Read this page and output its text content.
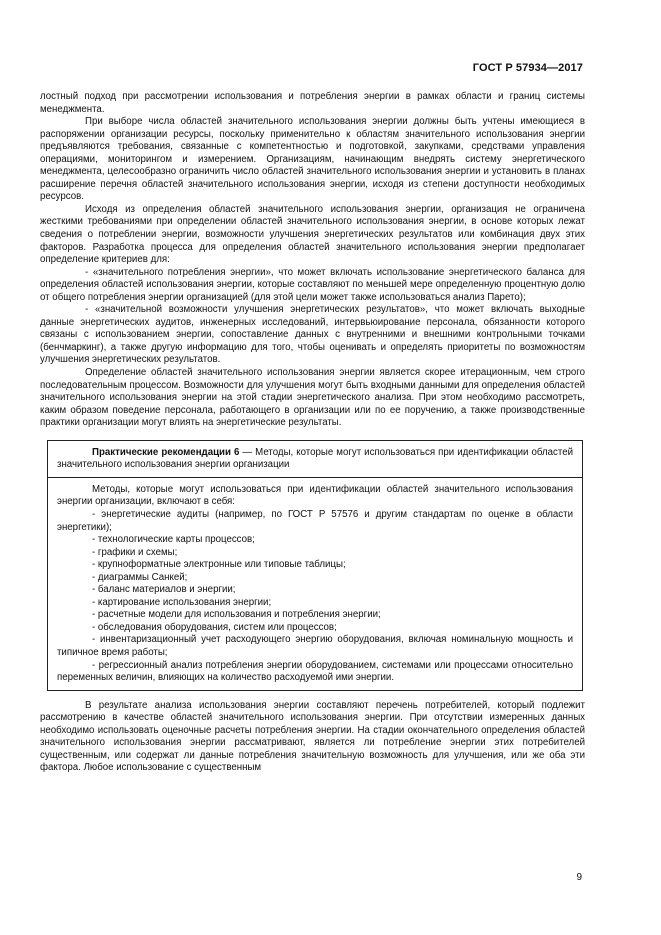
ГОСТ Р 57934—2017

лостный подход при рассмотрении использования и потребления энергии в рамках области и границ системы менеджмента.

При выборе числа областей значительного использования энергии должны быть учтены имеющиеся в распоряжении организации ресурсы, поскольку применительно к областям значительного использования энергии предъявляются требования, связанные с компетентностью и подготовкой, закупками, средствами управления операциями, мониторингом и измерением. Организациям, начинающим внедрять систему энергетического менеджмента, целесообразно ограничить число областей значительного использования энергии и установить в планах расширение перечня областей значительного использования энергии, исходя из степени доступности необходимых ресурсов.

Исходя из определения областей значительного использования энергии, организация не ограничена жесткими требованиями при определении областей значительного использования энергии, в основе которых лежат сведения о потреблении энергии, возможности улучшения энергетических результатов или комбинация двух этих факторов. Разработка процесса для определения областей значительного использования энергии предполагает определение критериев для:

- «значительного потребления энергии», что может включать использование энергетического баланса для определения областей использования энергии, которые составляют по меньшей мере определенную процентную долю от общего потребления энергии организацией (для этой цели может также использоваться анализ Парето);

- «значительной возможности улучшения энергетических результатов», что может включать выходные данные энергетических аудитов, инженерных исследований, интервьюирование персонала, обязанности которого связаны с использованием энергии, сопоставление данных с внутренними и внешними контрольными точками (бенчмаркинг), а также другую информацию для того, чтобы оценивать и определять приоритеты по возможностям улучшения энергетических результатов.

Определение областей значительного использования энергии является скорее итерационным, чем строго последовательным процессом. Возможности для улучшения могут быть входными данными для определения областей значительного использования энергии на этой стадии энергетического анализа. При этом необходимо рассмотреть, каким образом поведение персонала, работающего в организации или по ее поручению, а также производственные практики организации могут влиять на энергетические результаты.

Практические рекомендации 6 — Методы, которые могут использоваться при идентификации областей значительного использования энергии организации

Методы, которые могут использоваться при идентификации областей значительного использования энергии организации, включают в себя:

- энергетические аудиты (например, по ГОСТ Р 57576 и другим стандартам по оценке в области энергетики);

- технологические карты процессов;

- графики и схемы;

- крупноформатные электронные или типовые таблицы;

- диаграммы Санкей;

- баланс материалов и энергии;

- картирование использования энергии;

- расчетные модели для использования и потребления энергии;

- обследования оборудования, систем или процессов;

- инвентаризационный учет расходующего энергию оборудования, включая номинальную мощность и типичное время работы;

- регрессионный анализ потребления энергии оборудованием, системами или процессами относительно переменных величин, влияющих на количество расходуемой ими энергии.

В результате анализа использования энергии составляют перечень потребителей, который подлежит рассмотрению в качестве областей значительного использования энергии. При отсутствии измеренных данных необходимо использовать оценочные расчеты потребления энергии. На стадии окончательного определения областей значительного использования энергии рассматривают, является ли потребление энергии этих потребителей существенным, или содержат ли данные потребления значительную возможность для улучшения, или же оба эти фактора. Любое использование с существенным

9
